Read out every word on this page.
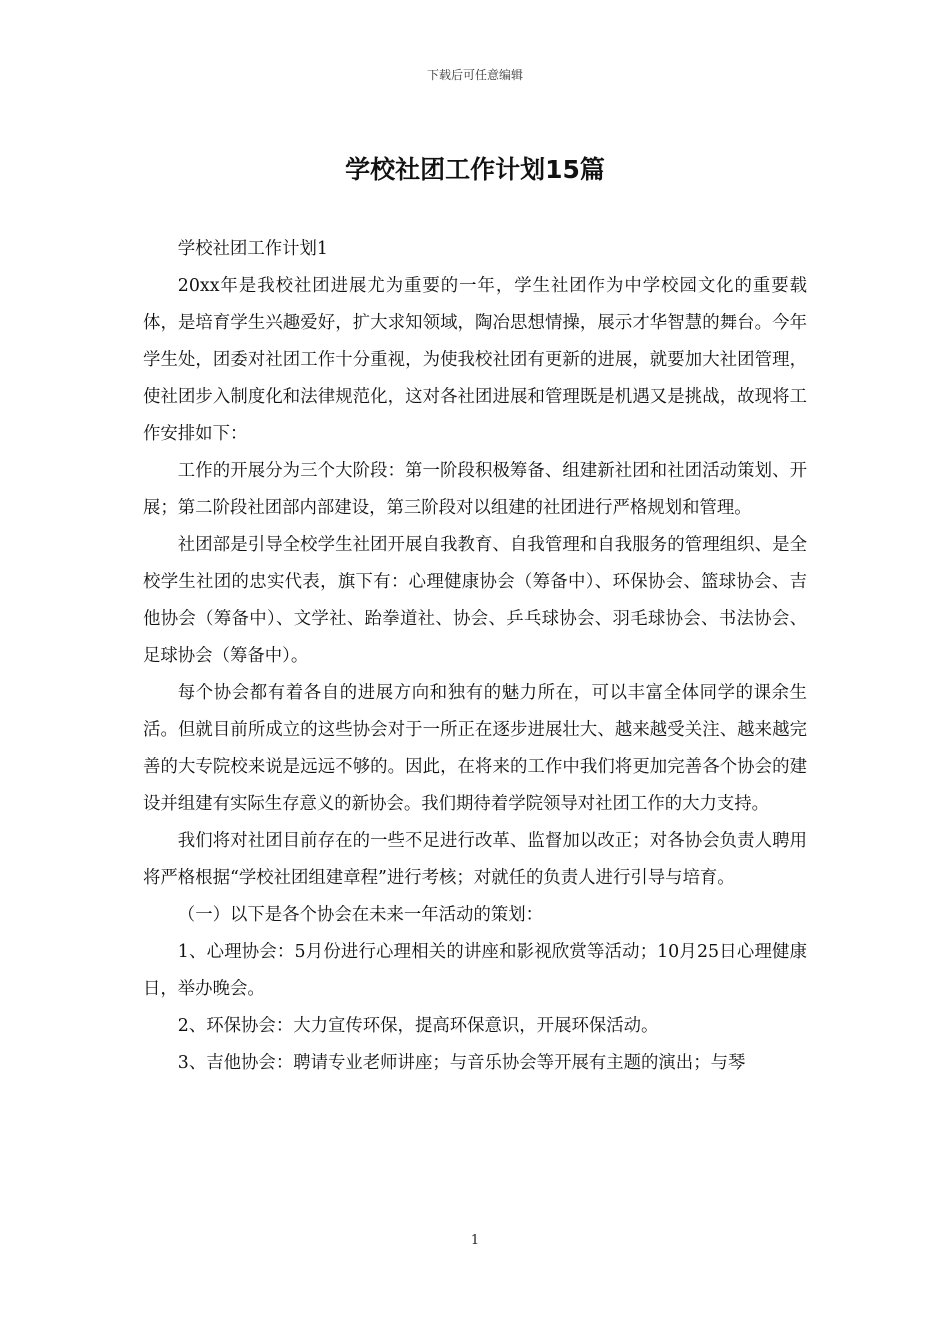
下载后可任意编辑
学校社团工作计划15篇

学校社团工作计划1

20xx年是我校社团进展尤为重要的一年，学生社团作为中学校园文化的重要载体，是培育学生兴趣爱好，扩大求知领域，陶冶思想情操，展示才华智慧的舞台。今年学生处，团委对社团工作十分重视，为使我校社团有更新的进展，就要加大社团管理，使社团步入制度化和法律规范化，这对各社团进展和管理既是机遇又是挑战，故现将工作安排如下：

工作的开展分为三个大阶段：第一阶段积极筹备、组建新社团和社团活动策划、开展；第二阶段社团部内部建设，第三阶段对以组建的社团进行严格规划和管理。

社团部是引导全校学生社团开展自我教育、自我管理和自我服务的管理组织、是全校学生社团的忠实代表，旗下有：心理健康协会（筹备中）、环保协会、篮球协会、吉他协会（筹备中）、文学社、跆拳道社、协会、乒乓球协会、羽毛球协会、书法协会、足球协会（筹备中）。

每个协会都有着各自的进展方向和独有的魅力所在，可以丰富全体同学的课余生活。但就目前所成立的这些协会对于一所正在逐步进展壮大、越来越受关注、越来越完善的大专院校来说是远远不够的。因此，在将来的工作中我们将更加完善各个协会的建设并组建有实际生存意义的新协会。我们期待着学院领导对社团工作的大力支持。

我们将对社团目前存在的一些不足进行改革、监督加以改正；对各协会负责人聘用将严格根据“学校社团组建章程”进行考核；对就任的负责人进行引导与培育。

（一）以下是各个协会在未来一年活动的策划：

1、心理协会：5月份进行心理相关的讲座和影视欣赏等活动；10月25日心理健康日，举办晚会。

2、环保协会：大力宣传环保，提高环保意识，开展环保活动。

3、吉他协会：聘请专业老师讲座；与音乐协会等开展有主题的演出；与琴

1
